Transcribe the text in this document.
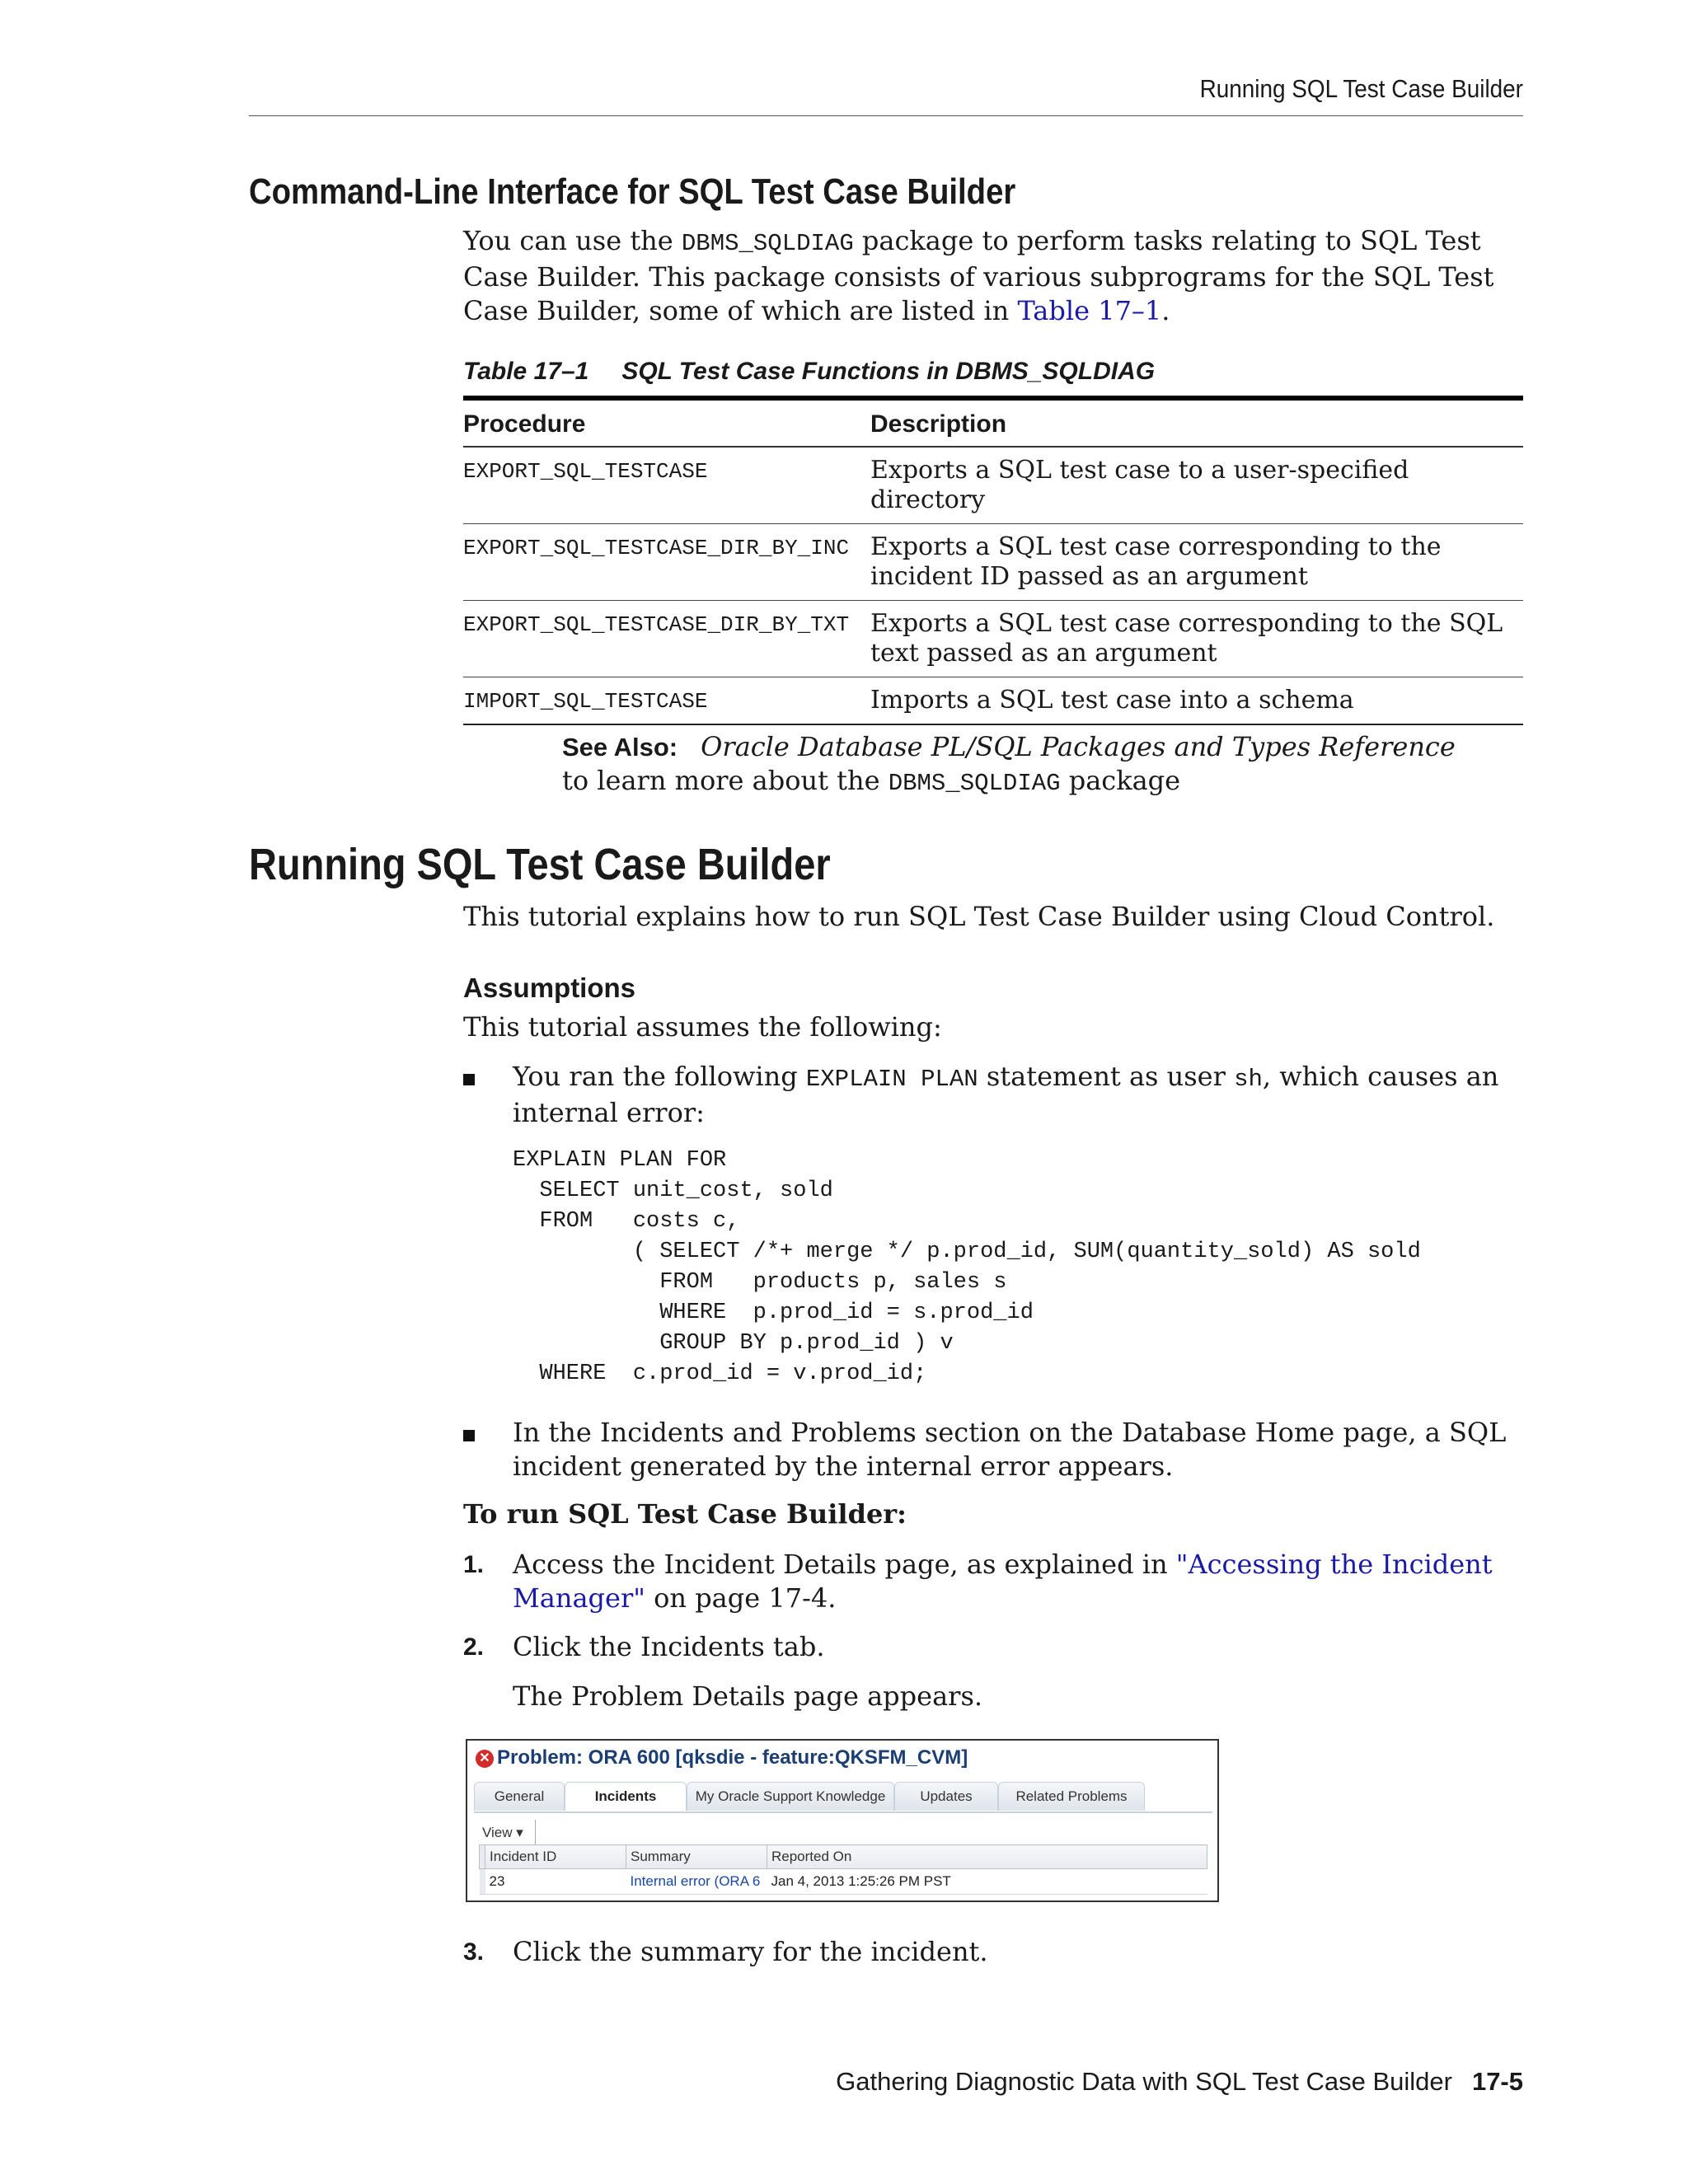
Running SQL Test Case Builder
Command-Line Interface for SQL Test Case Builder
You can use the DBMS_SQLDIAG package to perform tasks relating to SQL Test Case Builder. This package consists of various subprograms for the SQL Test Case Builder, some of which are listed in Table 17–1.
Table 17–1 SQL Test Case Functions in DBMS_SQLDIAG
Procedure	Description
EXPORT_SQL_TESTCASE	Exports a SQL test case to a user-specified directory
EXPORT_SQL_TESTCASE_DIR_BY_INC	Exports a SQL test case corresponding to the incident ID passed as an argument
EXPORT_SQL_TESTCASE_DIR_BY_TXT	Exports a SQL test case corresponding to the SQL text passed as an argument
IMPORT_SQL_TESTCASE	Imports a SQL test case into a schema
See Also: Oracle Database PL/SQL Packages and Types Reference to learn more about the DBMS_SQLDIAG package
Running SQL Test Case Builder
This tutorial explains how to run SQL Test Case Builder using Cloud Control.
Assumptions
This tutorial assumes the following:
You ran the following EXPLAIN PLAN statement as user sh, which causes an internal error:
EXPLAIN PLAN FOR
SELECT unit_cost, sold
FROM   costs c,
( SELECT /*+ merge */ p.prod_id, SUM(quantity_sold) AS sold
FROM   products p, sales s
WHERE  p.prod_id = s.prod_id
GROUP BY p.prod_id ) v
WHERE  c.prod_id = v.prod_id;
In the Incidents and Problems section on the Database Home page, a SQL incident generated by the internal error appears.
To run SQL Test Case Builder:
1. Access the Incident Details page, as explained in "Accessing the Incident Manager" on page 17-4.
2. Click the Incidents tab.
The Problem Details page appears.
✕ Problem: ORA 600 [qksdie - feature:QKSFM_CVM]
General	Incidents	My Oracle Support Knowledge	Updates	Related Problems
View ▾
	Incident ID	Summary	Reported On
	23	Internal error (ORA 6	Jan 4, 2013 1:25:26 PM PST
3. Click the summary for the incident.
Gathering Diagnostic Data with SQL Test Case Builder 17-5
